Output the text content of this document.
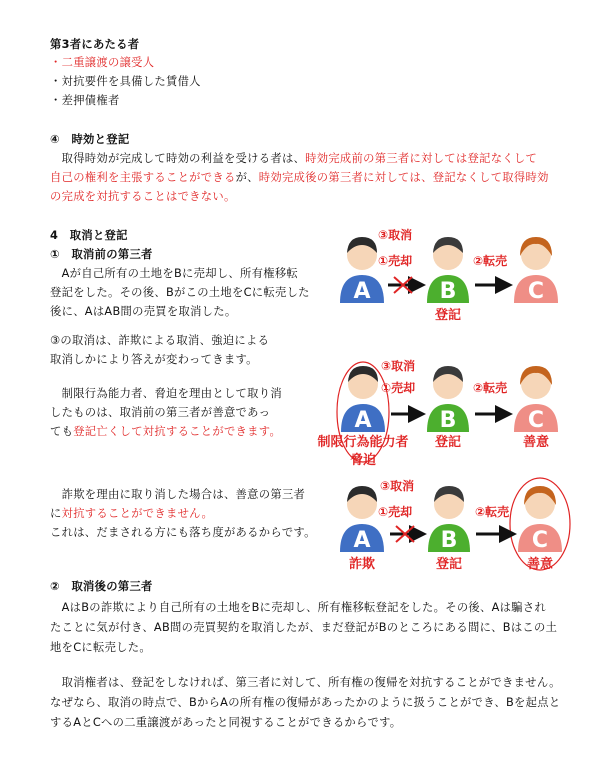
第3者にあたる者
・二重譲渡の譲受人
・対抗要件を具備した賃借人
・差押債権者
④　時効と登記
　取得時効が完成して時効の利益を受ける者は、時効完成前の第三者に対しては登記なくして
自己の権利を主張することができるが、時効完成後の第三者に対しては、登記なくして取得時効
の完成を対抗することはできない。
4　取消と登記
①　取消前の第三者
　Aが自己所有の土地をBに売却し、所有権移転
登記をした。その後、Bがこの土地をCに転売した
後に、AはAB間の売買を取消した。
③の取消は、詐欺による取消、強迫による
取消しかにより答えが変わってきます。
　制限行為能力者、脅迫を理由として取り消
したものは、取消前の第三者が善意であっ
ても登記亡くして対抗することができます。
　詐欺を理由に取り消した場合は、善意の第三者
に対抗することができません。
これは、だまされる方にも落ち度があるからです。
②　取消後の第三者
　AはBの詐欺により自己所有の土地をBに売却し、所有権移転登記をした。その後、Aは騙され
たことに気が付き、AB間の売買契約を取消したが、まだ登記がBのところにある間に、Bはこの土
地をCに転売した。
　取消権者は、登記をしなければ、第三者に対して、所有権の復帰を対抗することができません。
なぜなら、取消の時点で、BからAの所有権の復帰があったかのように扱うことができ、Bを起点と
するAとCへの二重譲渡があったと同視することができるからです。
A	B	C
③取消
①売却	②転売
登記
A	B	C
③取消
①売却	②転売
制限行為能力者
脅迫
登記	善意
A	B	C
③取消
①売却	②転売
詐欺	登記	善意
